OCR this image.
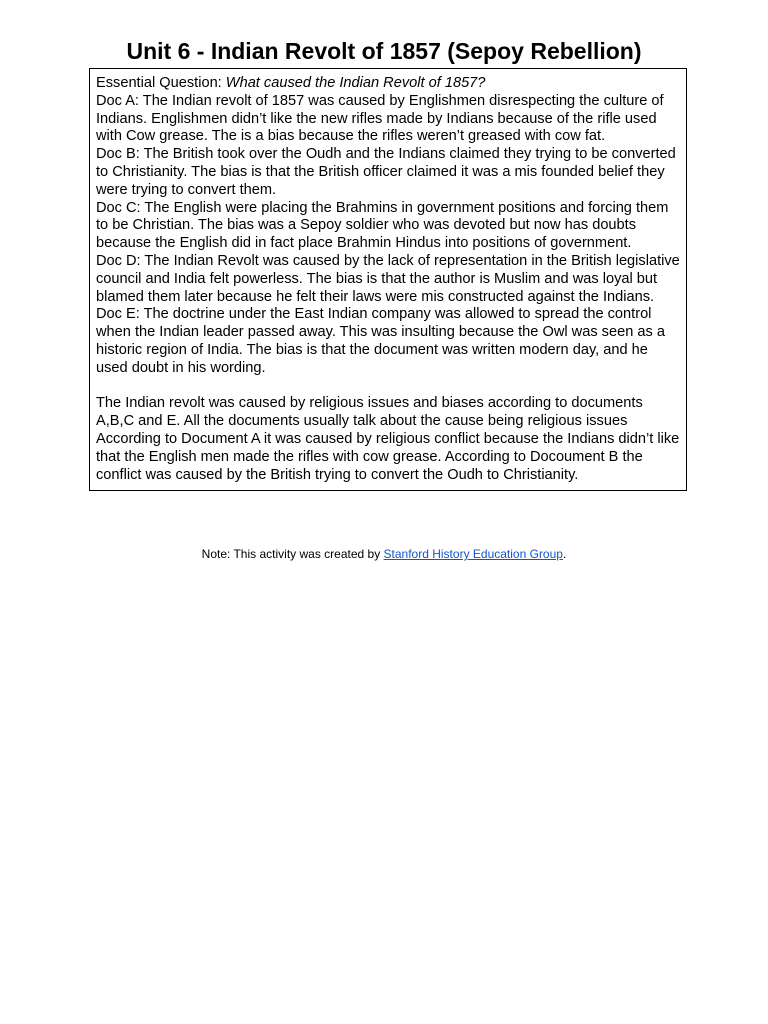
Unit 6 - Indian Revolt of 1857 (Sepoy Rebellion)

Essential Question: What caused the Indian Revolt of 1857?

Doc A: The Indian revolt of 1857 was caused by Englishmen disrespecting the culture of Indians. Englishmen didn’t like the new rifles made by Indians because of the rifle used with Cow grease. The is a bias because the rifles weren’t greased with cow fat.

Doc B: The British took over the Oudh and the Indians claimed they trying to be converted to Christianity. The bias is that the British officer claimed it was a mis founded belief they were trying to convert them.

Doc C: The English were placing the Brahmins in government positions and forcing them to be Christian. The bias was a Sepoy soldier who was devoted but now has doubts because the English did in fact place Brahmin Hindus into positions of government.

Doc D: The Indian Revolt was caused by the lack of representation in the British legislative council and India felt powerless. The bias is that the author is Muslim and was loyal but blamed them later because he felt their laws were mis constructed against the Indians.

Doc E: The doctrine under the East Indian company was allowed to spread the control when the Indian leader passed away. This was insulting because the Owl was seen as a historic region of India. The bias is that the document was written modern day, and he used doubt in his wording.

The Indian revolt was caused by religious issues and biases according to documents A,B,C and E. All the documents usually talk about the cause being religious issues According to Document A it was caused by religious conflict because the Indians didn’t like that the English men made the rifles with cow grease. According to Docoument B the conflict was caused by the British trying to convert the Oudh to Christianity.

Note: This activity was created by Stanford History Education Group.
